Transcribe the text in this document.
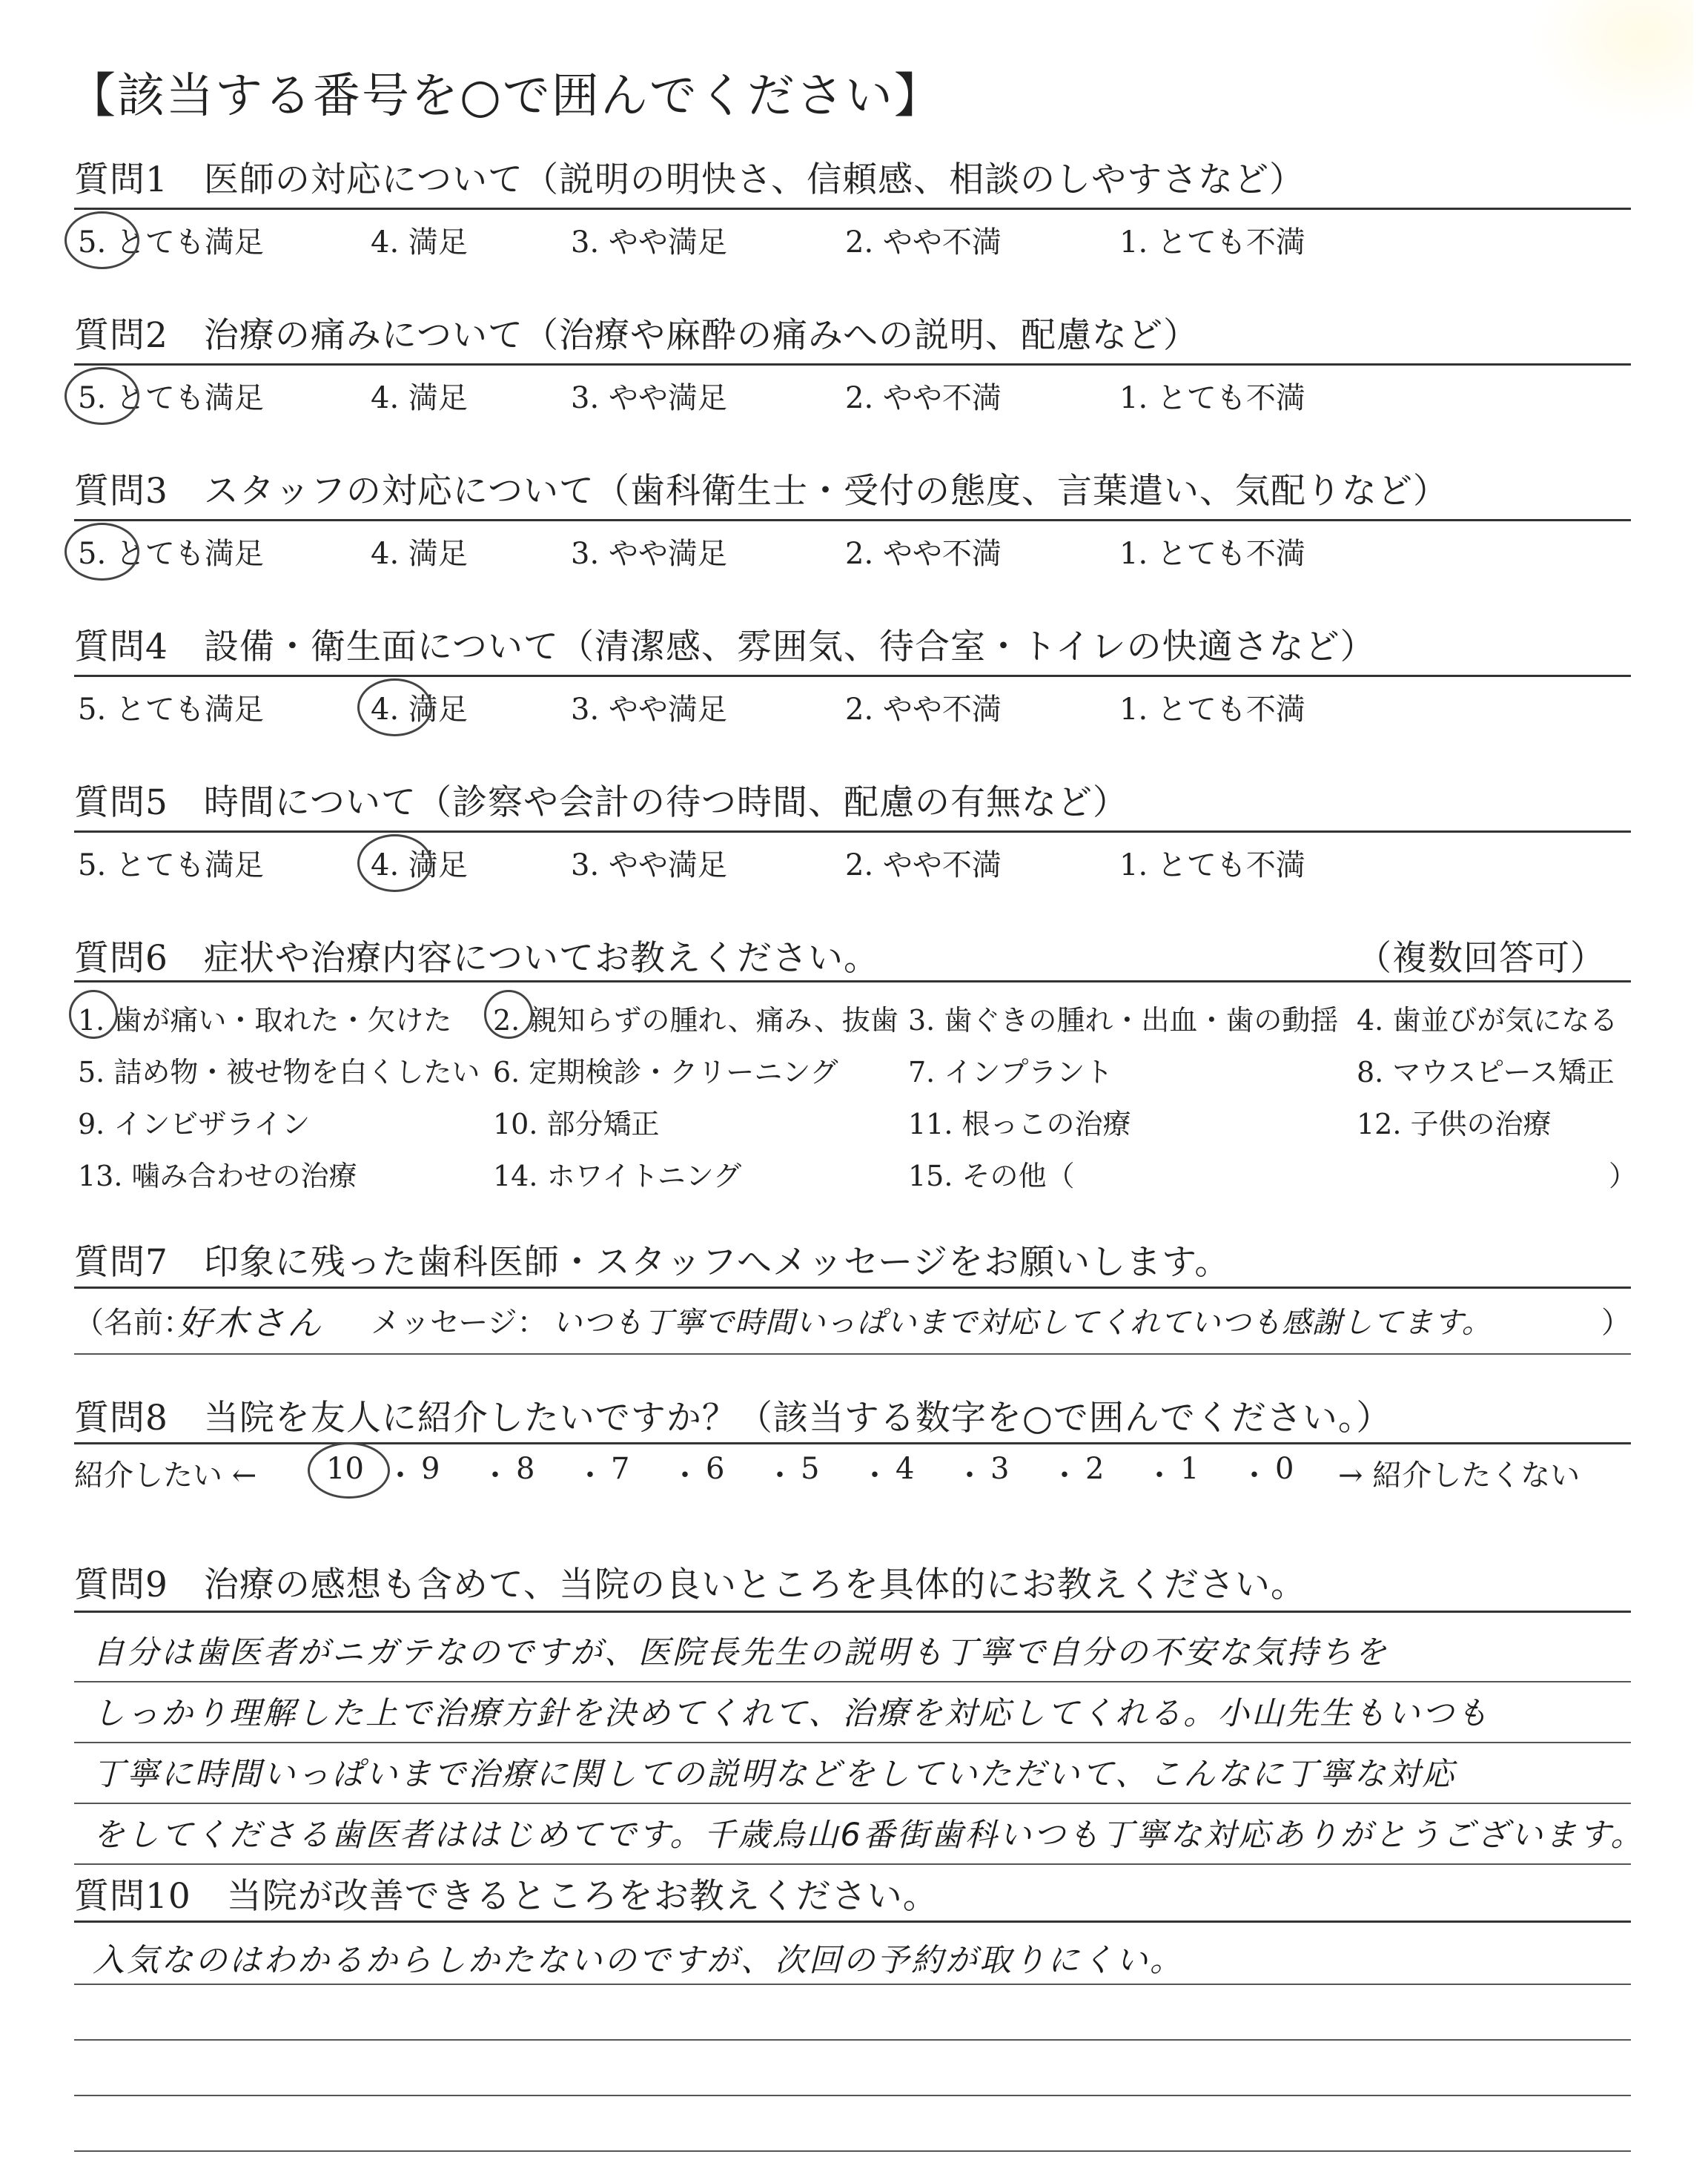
【該当する番号を○で囲んでください】
質問1　医師の対応について（説明の明快さ、信頼感、相談のしやすさなど）
5. とても満足	4. 満足	3. やや満足	2. やや不満	1. とても不満
質問2　治療の痛みについて（治療や麻酔の痛みへの説明、配慮など）
5. とても満足	4. 満足	3. やや満足	2. やや不満	1. とても不満
質問3　スタッフの対応について（歯科衛生士・受付の態度、言葉遣い、気配りなど）
5. とても満足	4. 満足	3. やや満足	2. やや不満	1. とても不満
質問4　設備・衛生面について（清潔感、雰囲気、待合室・トイレの快適さなど）
5. とても満足	4. 満足	3. やや満足	2. やや不満	1. とても不満
質問5　時間について（診察や会計の待つ時間、配慮の有無など）
5. とても満足	4. 満足	3. やや満足	2. やや不満	1. とても不満
質問6　症状や治療内容についてお教えください。	（複数回答可）
1. 歯が痛い・取れた・欠けた 2. 親知らずの腫れ、痛み、抜歯 3. 歯ぐきの腫れ・出血・歯の動揺 4. 歯並びが気になる
5. 詰め物・被せ物を白くしたい 6. 定期検診・クリーニング 7. インプラント	8. マウスピース矯正
9. インビザライン	10. 部分矯正	11. 根っこの治療	12. 子供の治療
13. 噛み合わせの治療	14. ホワイトニング	15. その他（	）
質問7　印象に残った歯科医師・スタッフへメッセージをお願いします。
（名前：
好木さん メッセージ： いつも丁寧で時間いっぱいまで対応してくれていつも感謝してます。	）
質問8　当院を友人に紹介したいですか？（該当する数字を○で囲んでください。）
紹介したい ← 10 ・ 9 ・ 8 ・ 7 ・ 6 ・ 5 ・ 4 ・ 3 ・ 2 ・ 1 ・ 0 → 紹介したくない
質問9　治療の感想も含めて、当院の良いところを具体的にお教えください。
自分は歯医者がニガテなのですが、医院長先生の説明も丁寧で自分の不安な気持ちを
しっかり理解した上で治療方針を決めてくれて、治療を対応してくれる。小山先生もいつも
丁寧に時間いっぱいまで治療に関しての説明などをしていただいて、こんなに丁寧な対応
をしてくださる歯医者ははじめてです。千歳烏山6番街歯科いつも丁寧な対応ありがとうございます。
質問10　当院が改善できるところをお教えください。
入気なのはわかるからしかたないのですが、次回の予約が取りにくい。
